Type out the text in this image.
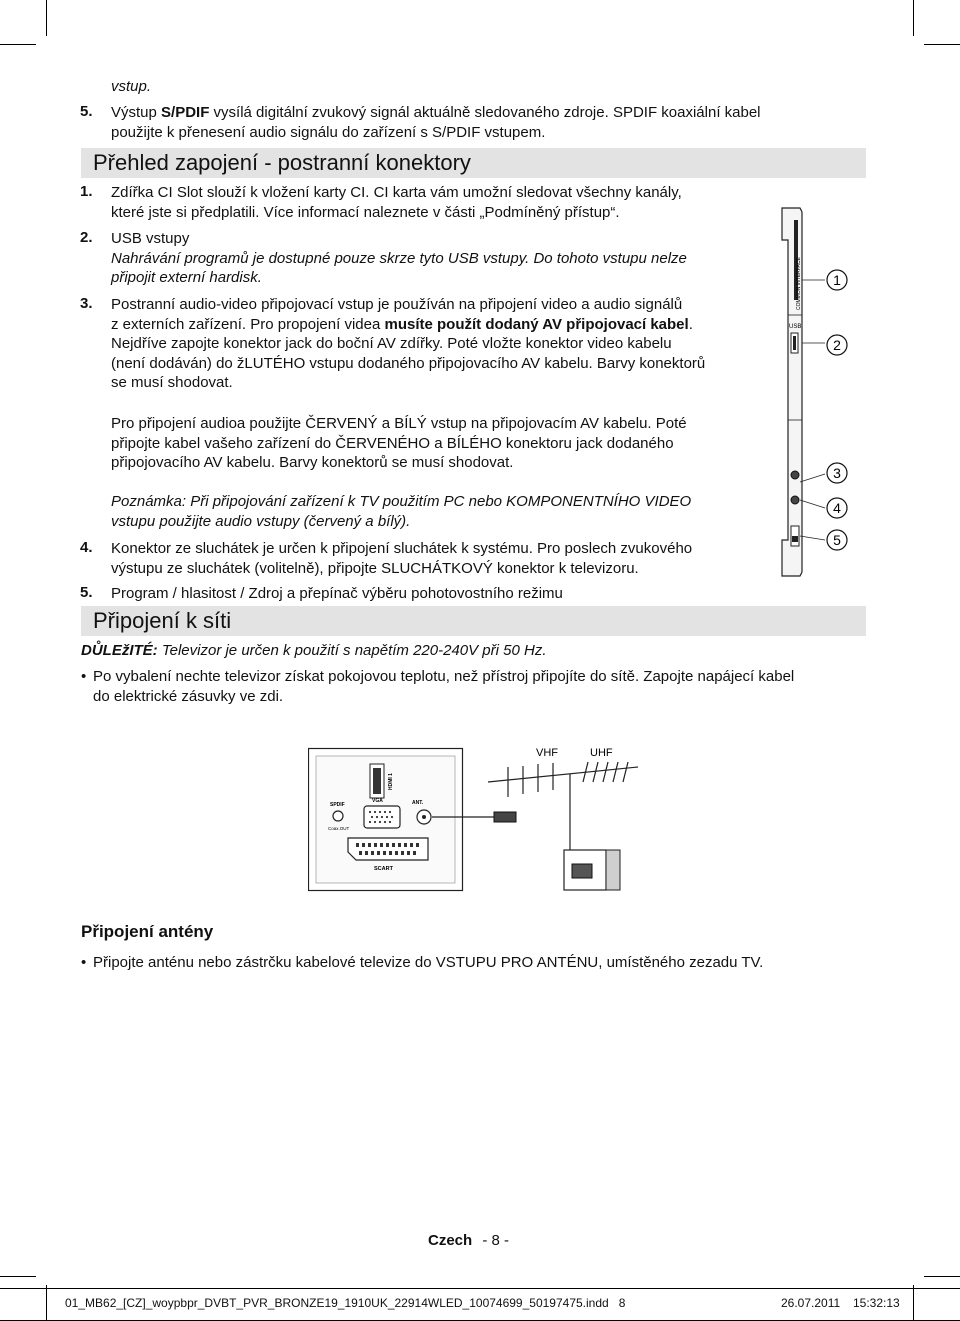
vstup.
5. Výstup S/PDIF vysílá digitální zvukový signál aktuálně sledovaného zdroje. SPDIF koaxiální kabel
použijte k přenesení audio signálu do zařízení s S/PDIF vstupem.
Přehled zapojení - postranní konektory
1. Zdířka CI Slot slouží k vložení karty CI. CI karta vám umožní sledovat všechny kanály,
které jste si předplatili. Více informací naleznete v části „Podmíněný přístup“.
2. USB vstupy
Nahrávání programů je dostupné pouze skrze tyto USB vstupy. Do tohoto vstupu nelze
připojit externí hardisk.
3. Postranní audio-video připojovací vstup je používán na připojení video a audio signálů
z externích zařízení. Pro propojení videa musíte použít dodaný AV připojovací kabel.
Nejdříve zapojte konektor jack do boční AV zdířky. Poté vložte konektor video kabelu
(není dodáván) do žLUTÉHO vstupu dodaného připojovacího AV kabelu. Barvy konektorů
se musí shodovat.
Pro připojení audioa použijte ČERVENÝ a BÍLÝ vstup na připojovacím AV kabelu. Poté
připojte kabel vašeho zařízení do ČERVENÉHO a BÍLÉHO konektoru jack dodaného
připojovacího AV kabelu. Barvy konektorů se musí shodovat.
Poznámka: Při připojování zařízení k TV použitím PC nebo KOMPONENTNÍHO VIDEO
vstupu použijte audio vstupy (červený a bílý).
4. Konektor ze sluchátek je určen k připojení sluchátek k systému. Pro poslech zvukového
výstupu ze sluchátek (volitelně), připojte SLUCHÁTKOVÝ konektor k televizoru.
5. Program / hlasitost / Zdroj a přepínač výběru pohotovostního režimu
COMMON INTERFACE
USB
1
2
3
4
5
Připojení k síti
DŮLEžITÉ: Televizor je určen k použití s napětím 220-240V při 50 Hz.
• Po vybalení nechte televizor získat pokojovou teplotu, než přístroj připojíte do sítě. Zapojte napájecí kabel
do elektrické zásuvky ve zdi.
HDMI 1
SPDIF
VGA	ANT.
Coax.OUT
SCART
VHF	UHF
Připojení antény
• Připojte anténu nebo zástrčku kabelové televize do VSTUPU PRO ANTÉNU, umístěného zezadu TV.
Czech - 8 -
01_MB62_[CZ]_woypbpr_DVBT_PVR_BRONZE19_1910UK_22914WLED_10074699_50197475.indd   8	26.07.2011 15:32:13
